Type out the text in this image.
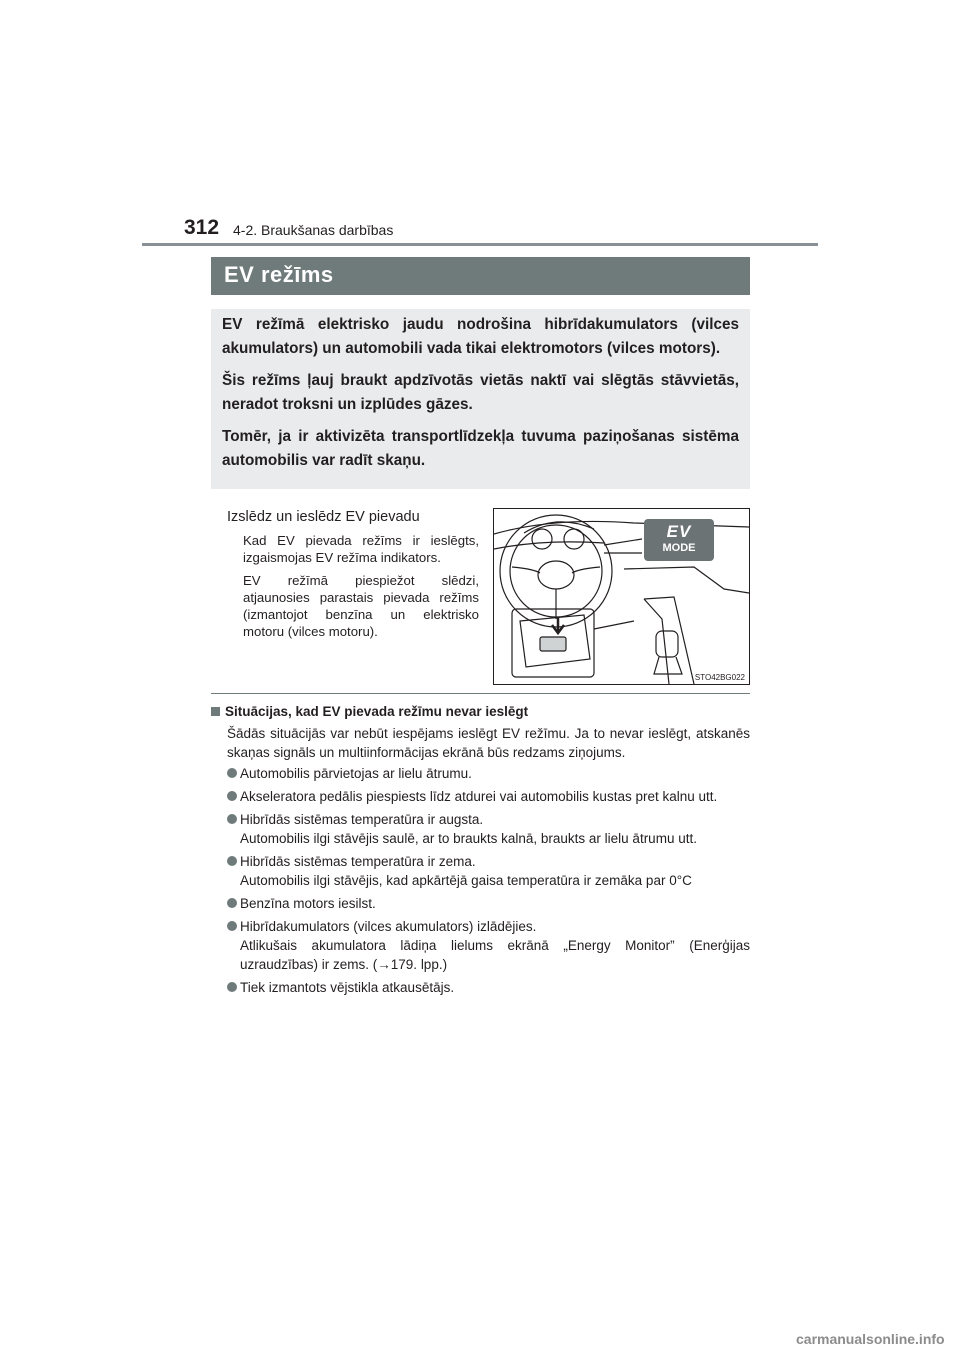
312 4-2. Braukšanas darbības
EV režīms

EV režīmā elektrisko jaudu nodrošina hibrīdakumulators (vilces akumulators) un automobili vada tikai elektromotors (vilces motors).

Šis režīms ļauj braukt apdzīvotās vietās naktī vai slēgtās stāvvietās, neradot troksni un izplūdes gāzes.

Tomēr, ja ir aktivizēta transportlīdzekļa tuvuma paziņošanas sistēma automobilis var radīt skaņu.

Izslēdz un ieslēdz EV pievadu

Kad EV pievada režīms ir ieslēgts, izgaismojas EV režīma indikators.

EV režīmā piespiežot slēdzi, atjaunosies parastais pievada režīms (izmantojot benzīna un elektrisko motoru (vilces motoru).

EV
MODE
STO42BG022
Situācijas, kad EV pievada režīmu nevar ieslēgt

Šādās situācijās var nebūt iespējams ieslēgt EV režīmu. Ja to nevar ieslēgt, atskanēs skaņas signāls un multiinformācijas ekrānā būs redzams ziņojums.

Automobilis pārvietojas ar lielu ātrumu.
Akseleratora pedālis piespiests līdz atdurei vai automobilis kustas pret kalnu utt.
Hibrīdās sistēmas temperatūra ir augsta.
Automobilis ilgi stāvējis saulē, ar to braukts kalnā, braukts ar lielu ātrumu utt.
Hibrīdās sistēmas temperatūra ir zema.
Automobilis ilgi stāvējis, kad apkārtējā gaisa temperatūra ir zemāka par 0°C
Benzīna motors iesilst.
Hibrīdakumulators (vilces akumulators) izlādējies.
Atlikušais akumulatora lādiņa lielums ekrānā „Energy Monitor” (Enerģijas uzraudzības) ir zems. (→179. lpp.)
Tiek izmantots vējstikla atkausētājs.
carmanualsonline.info
